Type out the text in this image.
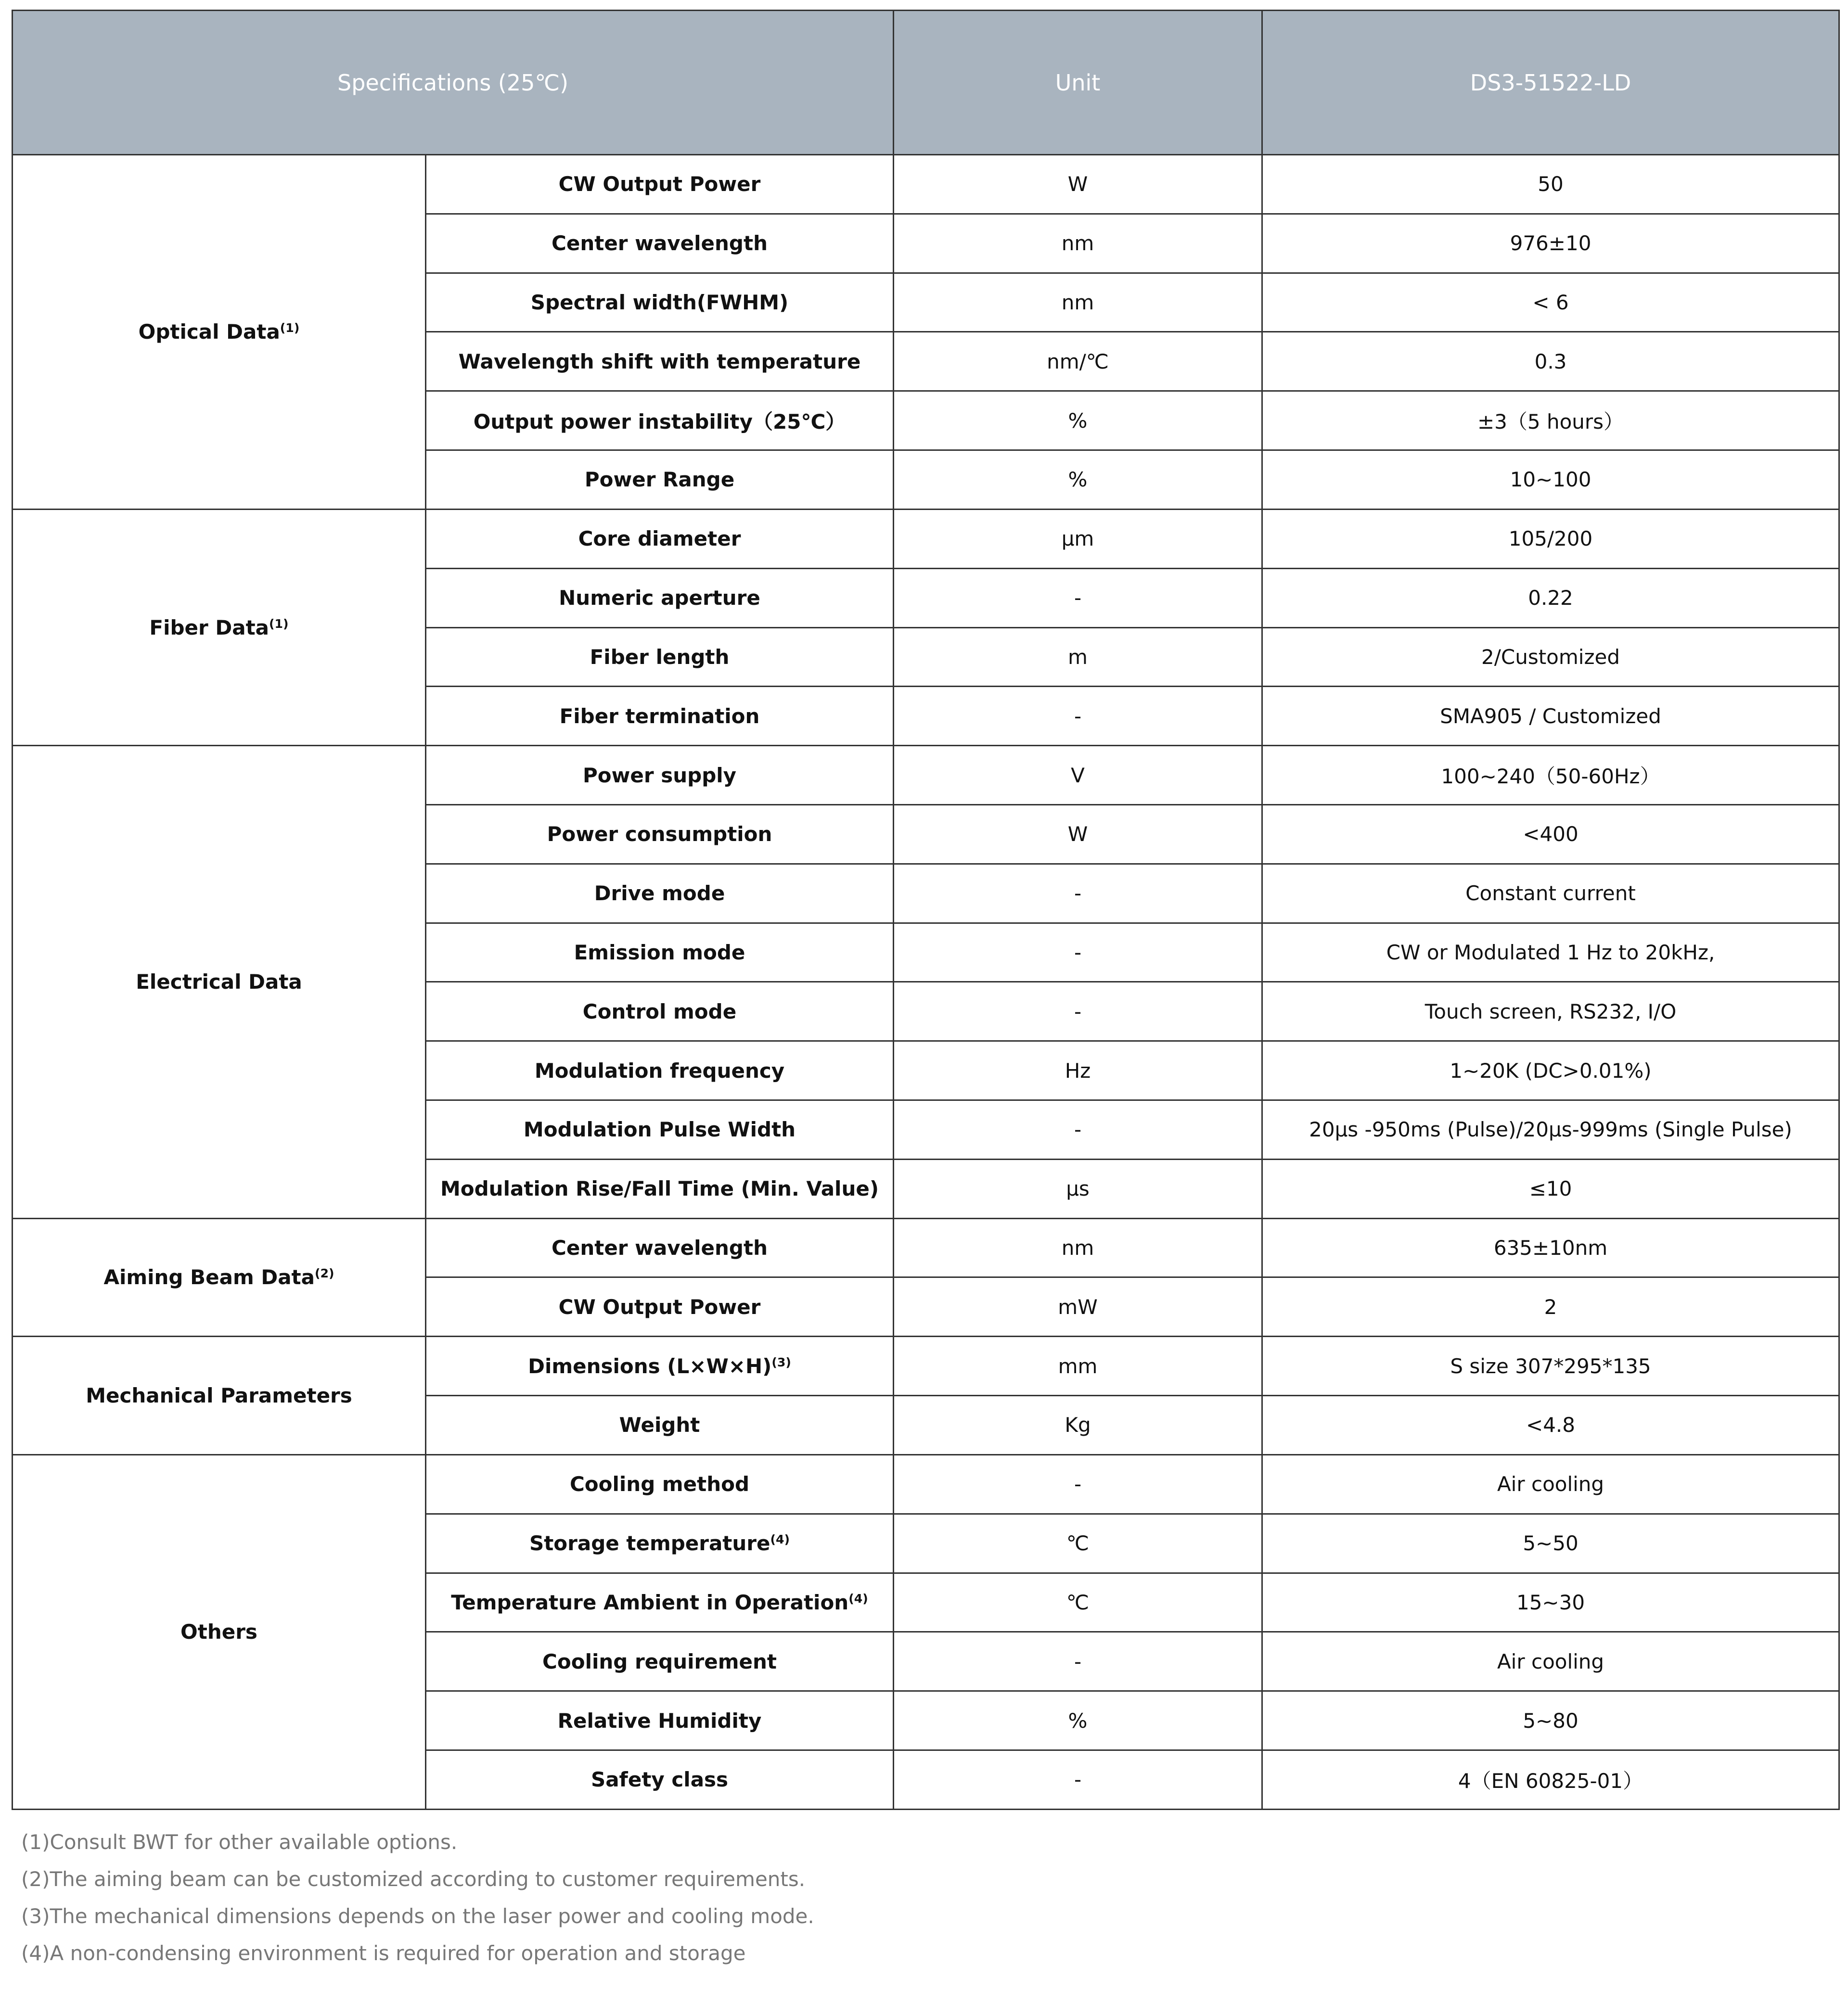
Specifications (25℃)		Unit	DS3-51522-LD
Optical Data$^{(1)}$	CW Output Power	W	50
	Center wavelength	nm	976±10
	Spectral width(FWHM)	nm	< 6
	Wavelength shift with temperature	nm/℃	0.3
	Output power instability（25℃）	%	±3（5 hours）
	Power Range	%	10~100
Fiber Data$^{(1)}$	Core diameter	μm	105/200
	Numeric aperture	-	0.22
	Fiber length	m	2/Customized
	Fiber termination	-	SMA905 / Customized
Electrical Data	Power supply	V	100~240（50-60Hz）
	Power consumption	W	<400
	Drive mode	-	Constant current
	Emission mode	-	CW or Modulated 1 Hz to 20kHz,
	Control mode	-	Touch screen, RS232, I/O
	Modulation frequency	Hz	1~20K (DC>0.01%)
	Modulation Pulse Width	-	20μs -950ms (Pulse)/20μs-999ms (Single Pulse)
	Modulation Rise/Fall Time (Min. Value)	μs	≤10
Aiming Beam Data$^{(2)}$	Center wavelength	nm	635±10nm
	CW Output Power	mW	2
Mechanical Parameters	Dimensions $(L\times W\times H)^{(3)}$	mm	S size 307*295*135
	Weight	Kg	<4.8
Others	Cooling method	-	Air cooling
	Storage temperature$^{(4)}$	℃	5~50
	Temperature Ambient in Operation$^{(4)}$	℃	15~30
	Cooling requirement	-	Air cooling
	Relative Humidity	%	5~80
	Safety class	-	4（EN 60825-01）
(1)Consult BWT for other available options.
(2)The aiming beam can be customized according to customer requirements.
(3)The mechanical dimensions depends on the laser power and cooling mode.
(4)A non-condensing environment is required for operation and storage
